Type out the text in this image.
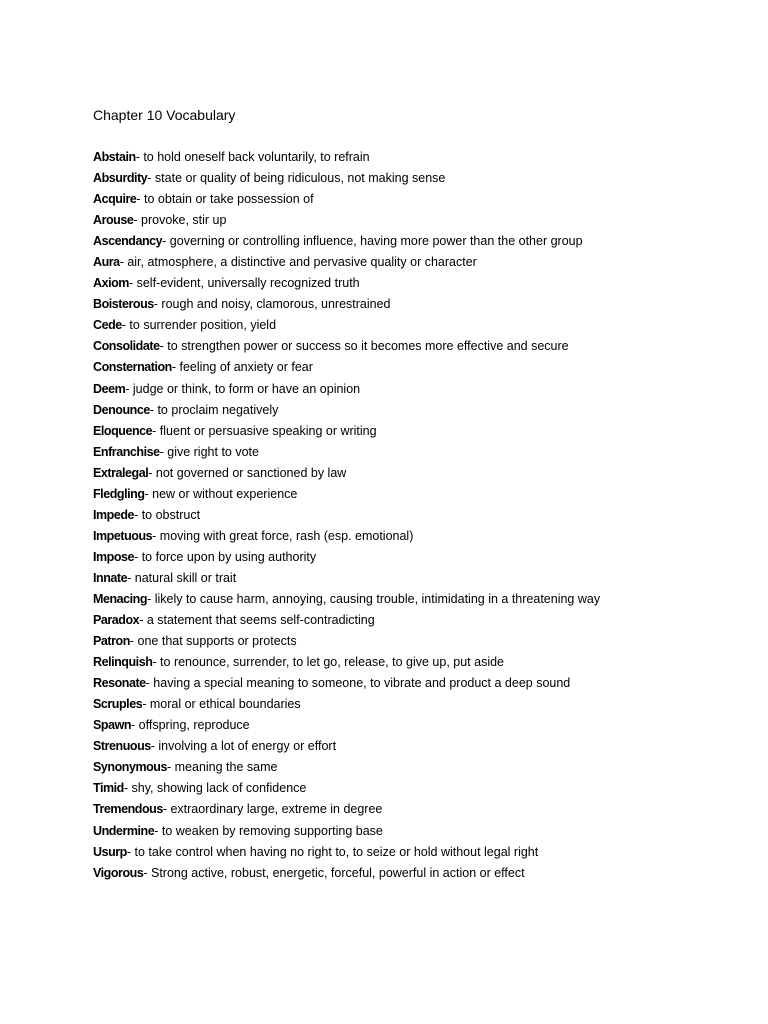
Chapter 10 Vocabulary
Abstain- to hold oneself back voluntarily, to refrain
Absurdity- state or quality of being ridiculous, not making sense
Acquire- to obtain or take possession of
Arouse- provoke, stir up
Ascendancy- governing or controlling influence, having more power than the other group
Aura- air, atmosphere, a distinctive and pervasive quality or character
Axiom- self-evident, universally recognized truth
Boisterous- rough and noisy, clamorous, unrestrained
Cede- to surrender position, yield
Consolidate- to strengthen power or success so it becomes more effective and secure
Consternation- feeling of anxiety or fear
Deem- judge or think, to form or have an opinion
Denounce- to proclaim negatively
Eloquence- fluent or persuasive speaking or writing
Enfranchise- give right to vote
Extralegal- not governed or sanctioned by law
Fledgling- new or without experience
Impede- to obstruct
Impetuous- moving with great force, rash (esp. emotional)
Impose- to force upon by using authority
Innate- natural skill or trait
Menacing- likely to cause harm, annoying, causing trouble, intimidating in a threatening way
Paradox- a statement that seems self-contradicting
Patron- one that supports or protects
Relinquish- to renounce, surrender, to let go, release, to give up, put aside
Resonate- having a special meaning to someone, to vibrate and product a deep sound
Scruples- moral or ethical boundaries
Spawn- offspring, reproduce
Strenuous- involving a lot of energy or effort
Synonymous- meaning the same
Timid- shy, showing lack of confidence
Tremendous- extraordinary large, extreme in degree
Undermine- to weaken by removing supporting base
Usurp- to take control when having no right to, to seize or hold without legal right
Vigorous- Strong active, robust, energetic, forceful, powerful in action or effect
